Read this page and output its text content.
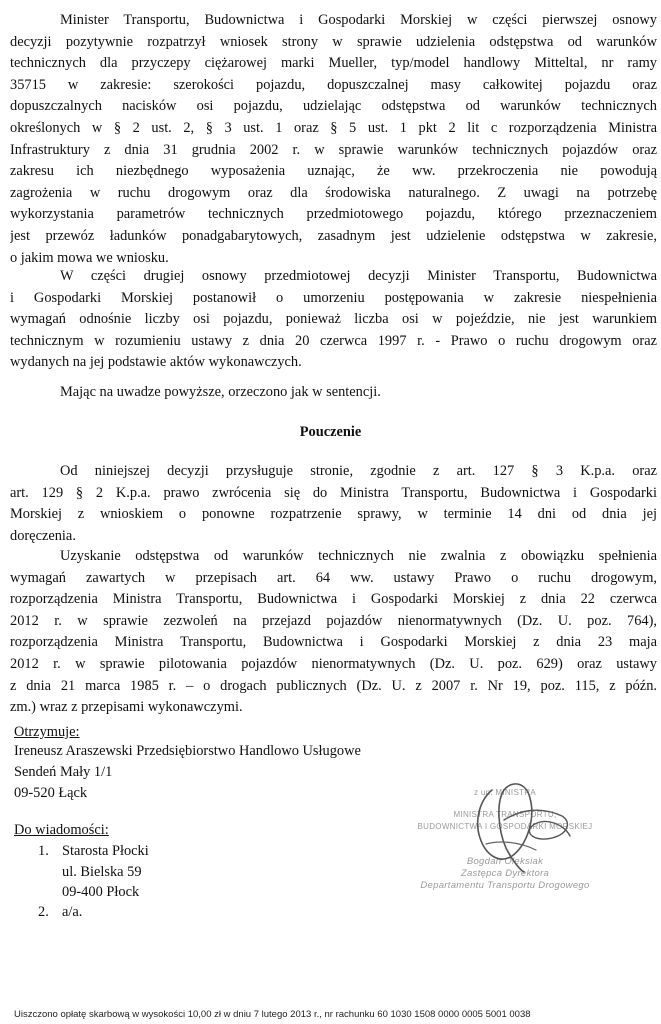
Minister Transportu, Budownictwa i Gospodarki Morskiej w części pierwszej osnowy
decyzji pozytywnie rozpatrzył wniosek strony w sprawie udzielenia odstępstwa od warunków
technicznych dla przyczepy ciężarowej marki Mueller, typ/model handlowy Mitteltal, nr ramy
35715 w zakresie: szerokości pojazdu, dopuszczalnej masy całkowitej pojazdu oraz
dopuszczalnych nacisków osi pojazdu, udzielając odstępstwa od warunków technicznych
określonych w § 2 ust. 2, § 3 ust. 1 oraz § 5 ust. 1 pkt 2 lit c rozporządzenia Ministra
Infrastruktury z dnia 31 grudnia 2002 r. w sprawie warunków technicznych pojazdów oraz
zakresu ich niezbędnego wyposażenia uznając, że ww. przekroczenia nie powodują
zagrożenia w ruchu drogowym oraz dla środowiska naturalnego. Z uwagi na potrzebę
wykorzystania parametrów technicznych przedmiotowego pojazdu, którego przeznaczeniem
jest przewóz ładunków ponadgabarytowych, zasadnym jest udzielenie odstępstwa w zakresie,
o jakim mowa we wniosku.
W części drugiej osnowy przedmiotowej decyzji Minister Transportu, Budownictwa
i Gospodarki Morskiej postanowił o umorzeniu postępowania w zakresie niespełnienia
wymagań odnośnie liczby osi pojazdu, ponieważ liczba osi w pojeździe, nie jest warunkiem
technicznym w rozumieniu ustawy z dnia 20 czerwca 1997 r. - Prawo o ruchu drogowym oraz
wydanych na jej podstawie aktów wykonawczych.
Mając na uwadze powyższe, orzeczono jak w sentencji.
Pouczenie
Od niniejszej decyzji przysługuje stronie, zgodnie z art. 127 § 3 K.p.a. oraz
art. 129 § 2 K.p.a. prawo zwrócenia się do Ministra Transportu, Budownictwa i Gospodarki
Morskiej z wnioskiem o ponowne rozpatrzenie sprawy, w terminie 14 dni od dnia jej
doręczenia.
Uzyskanie odstępstwa od warunków technicznych nie zwalnia z obowiązku spełnienia
wymagań zawartych w przepisach art. 64 ww. ustawy Prawo o ruchu drogowym,
rozporządzenia Ministra Transportu, Budownictwa i Gospodarki Morskiej z dnia 22 czerwca
2012 r. w sprawie zezwoleń na przejazd pojazdów nienormatywnych (Dz. U. poz. 764),
rozporządzenia Ministra Transportu, Budownictwa i Gospodarki Morskiej z dnia 23 maja
2012 r. w sprawie pilotowania pojazdów nienormatywnych (Dz. U. poz. 629) oraz ustawy
z dnia 21 marca 1985 r. – o drogach publicznych (Dz. U. z 2007 r. Nr 19, poz. 115, z późn.
zm.) wraz z przepisami wykonawczymi.
Otrzymuje:
Ireneusz Araszewski Przedsiębiorstwo Handlowo Usługowe
Sendeń Mały 1/1
09-520 Łąck
Do wiadomości:
1. Starosta Płocki
ul. Bielska 59
09-400 Płock
2. a/a.
z up. MINISTRA
MINISTRA TRANSPORTU,
BUDOWNICTWA I GOSPODARKI MORSKIEJ
Bogdan Oleksiak
Zastępca Dyrektora
Departamentu Transportu Drogowego
Uiszczono opłatę skarbową w wysokości 10,00 zł w dniu 7 lutego 2013 r., nr rachunku 60 1030 1508 0000 0005 5001 0038
